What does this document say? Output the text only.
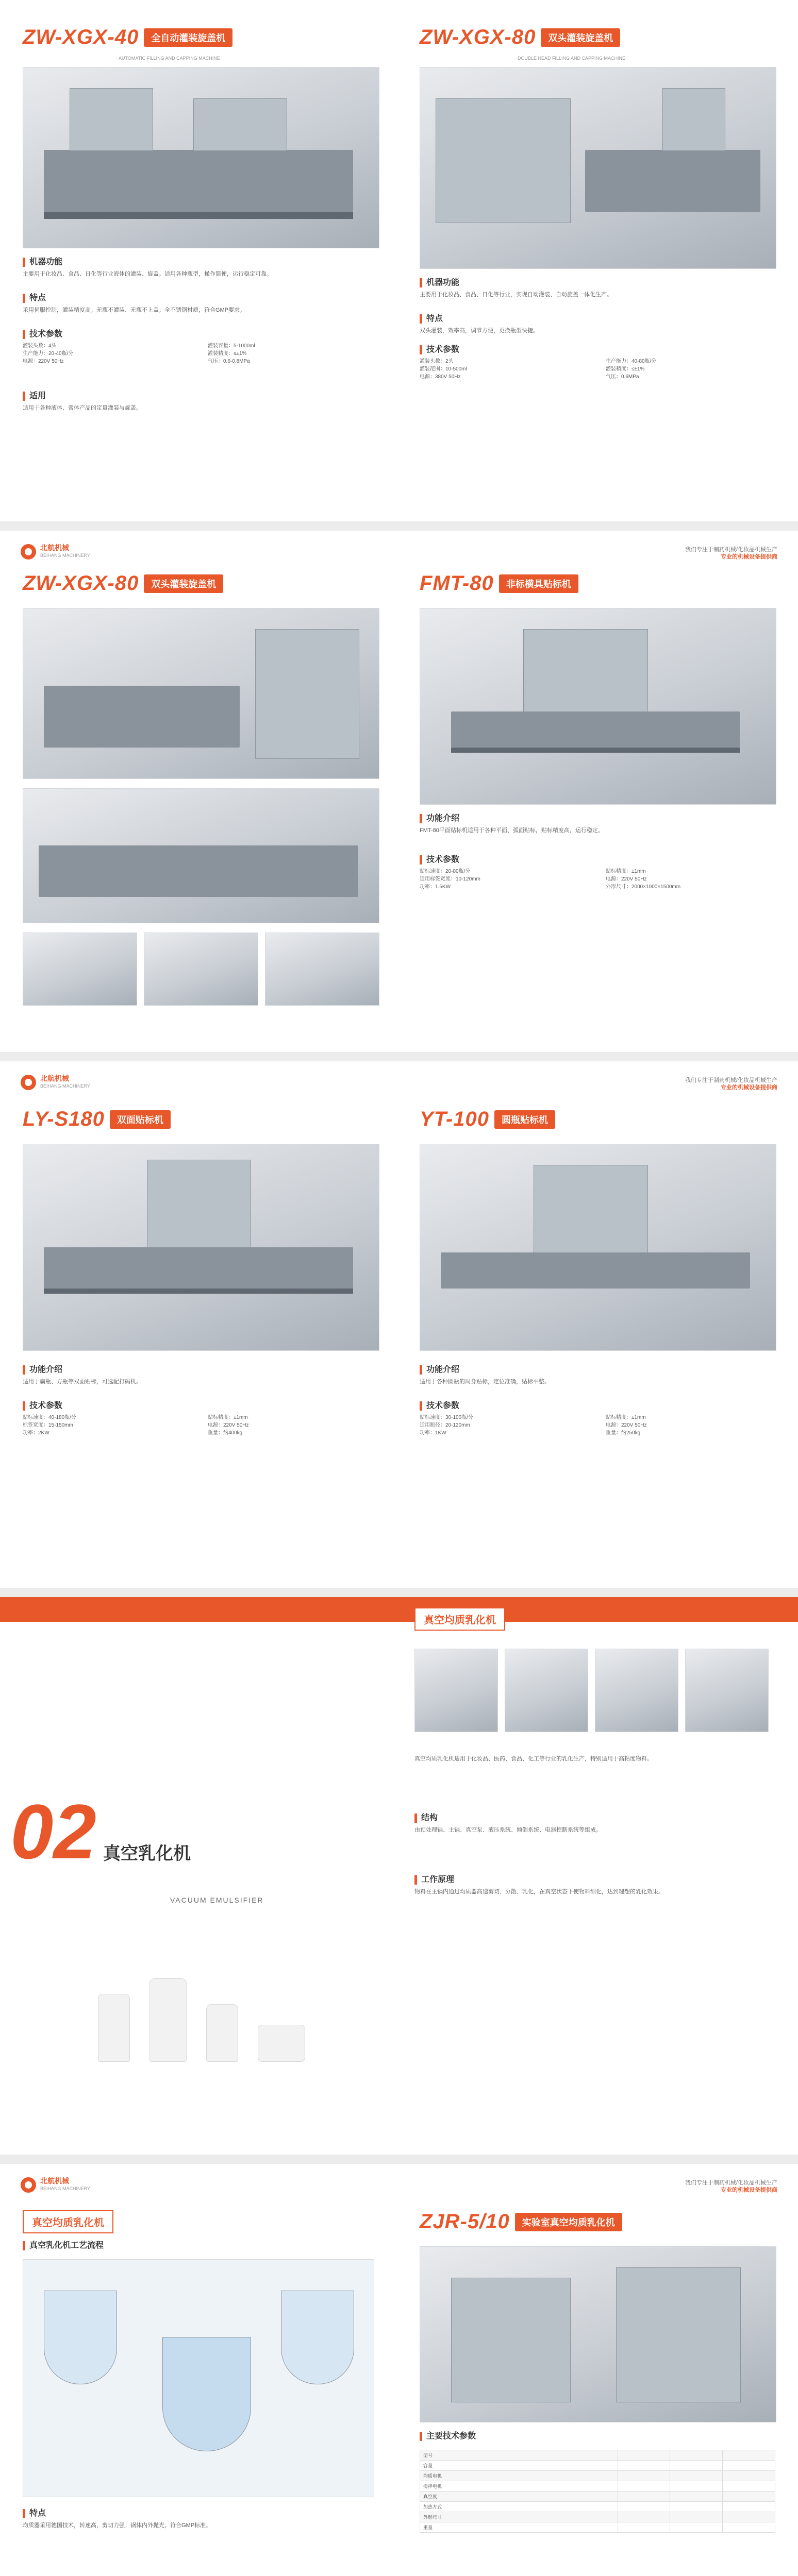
ZW-XGX-40	全自动灌装旋盖机
AUTOMATIC FILLING AND CAPPING MACHINE
机器功能
主要用于化妆品、食品、日化等行业液体的灌装、旋盖。适用各种瓶型，操作简便，运行稳定可靠。
特点
采用伺服控制，灌装精度高；无瓶不灌装、无瓶不上盖；全不锈钢材质，符合GMP要求。
技术参数
灌装头数：4头	灌装容量：5-1000ml
生产能力：20-40瓶/分	灌装精度：≤±1%
电源：220V 50Hz	气压：0.6-0.8MPa
适用
适用于各种液体、膏体产品的定量灌装与旋盖。
ZW-XGX-80	双头灌装旋盖机
DOUBLE HEAD FILLING AND CAPPING MACHINE
机器功能
主要用于化妆品、食品、日化等行业，实现自动灌装、自动旋盖一体化生产。
特点
双头灌装，效率高，调节方便，更换瓶型快捷。
技术参数
灌装头数：2头	生产能力：40-80瓶/分
灌装范围：10-500ml	灌装精度：≤±1%
电源：380V 50Hz	气压：0.6MPa
北航机械
BEIHANG MACHINERY
我们专注于制药机械/化妆品机械生产
专业的机械设备提供商
ZW-XGX-80	双头灌装旋盖机	FMT-80	非标横具贴标机
功能介绍
FMT-80平面贴标机适用于各种平面、弧面贴标，贴标精度高，运行稳定。
技术参数
贴标速度：20-80瓶/分	贴标精度：±1mm
适用标签宽度：10-120mm	电源：220V 50Hz
功率：1.5KW	外形尺寸：2000×1000×1500mm
北航机械
BEIHANG MACHINERY
我们专注于制药机械/化妆品机械生产
专业的机械设备提供商
LY-S180	双面贴标机
功能介绍
适用于扁瓶、方瓶等双面贴标，可选配打码机。
技术参数
贴标速度：40-180瓶/分	贴标精度：±1mm
标签宽度：15-150mm	电源：220V 50Hz
功率：2KW	重量：约400kg
YT-100	圆瓶贴标机
功能介绍
适用于各种圆瓶的周身贴标，定位准确，贴标平整。
技术参数
贴标速度：30-100瓶/分	贴标精度：±1mm
适用瓶径：20-120mm	电源：220V 50Hz
功率：1KW	重量：约250kg
02 真空乳化机
VACUUM EMULSIFIER
真空均质乳化机
真空均质乳化机适用于化妆品、医药、食品、化工等行业的乳化生产，特别适用于高粘度物料。
结构
由预处理锅、主锅、真空泵、液压系统、倾倒系统、电器控制系统等组成。
工作原理
物料在主锅内通过均质器高速剪切、分散、乳化，在真空状态下使物料细化，达到理想的乳化效果。
北航机械
BEIHANG MACHINERY
我们专注于制药机械/化妆品机械生产
专业的机械设备提供商
真空均质乳化机
真空乳化机工艺流程
特点
均质器采用德国技术，转速高，剪切力强；锅体内外抛光，符合GMP标准。
ZJR-5/10	实验室真空均质乳化机
主要技术参数
型号			
容量			
均质电机			
搅拌电机			
真空度			
加热方式			
外形尺寸			
重量			
